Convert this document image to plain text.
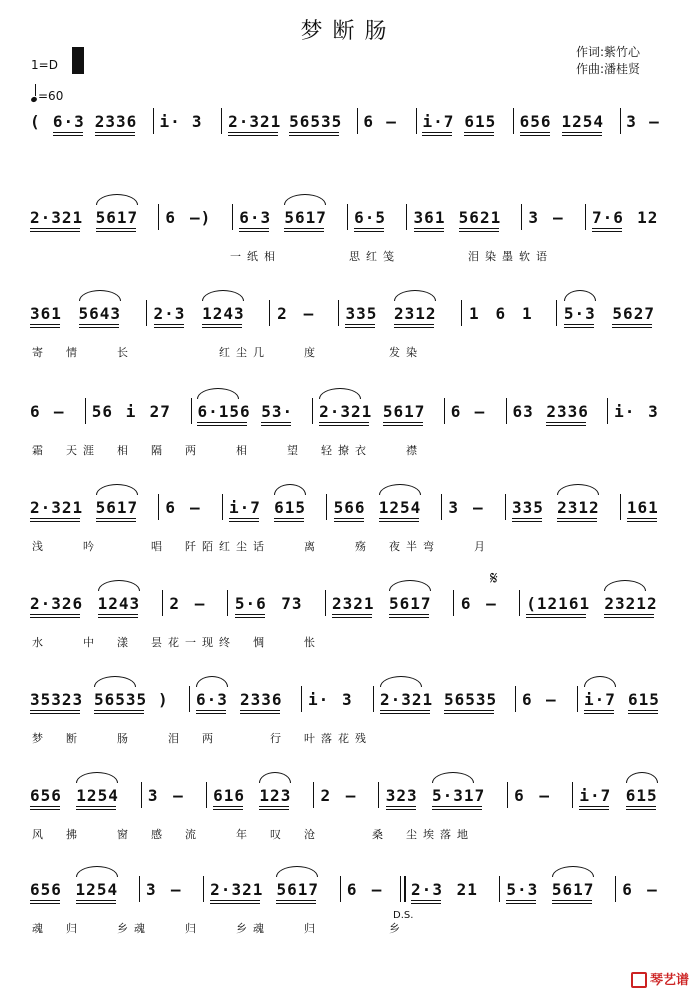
梦断肠
作词:紫竹心
作曲:潘桂贤
1=D
=60
( 6·3 2336 i· 3 2·321 56535 6 – i·7 615 656 1254 3 –
2·321 5617 6 –) 6·3 5617 6·5 361 5621 3 – 7·6 12
一纸相　　　　思红笺　　　　泪染墨软语
361 5643 2·3 1243 2 – 335 2312 1 6 1 5·3 5627
寄　情　　长　　　　　红尘几　　度　　　　发染
6 – 56 i 27 6·156 53· 2·321 5617 6 – 63 2336 i· 3
霜　天涯　相　隔　两　　相　　望　轻撩衣　　襟
2·321 5617 6 – i·7 615 566 1254 3 – 335 2312 161
浅　　吟　　　唱　阡陌红尘话　　离　　殇　夜半弯　　月
2·326 1243 2 – 5·6 73 2321 5617 6 – (12161 23212
水　　中　漾　昙花一现终　惆　　怅
35323 56535 ) 6·3 2336 i· 3 2·321 56535 6 – i·7 615
梦　断　　肠　　泪　两　　　行　叶落花残
656 1254 3 – 616 123 2 – 323 5·317 6 – i·7 615
风　拂　　窗　感　流　　年　叹　沧　　　桑　尘埃落地
656 1254 3 – 2·321 5617 6 – 2·3 21 5·3 5617 6 –
魂　归　　乡魂　　归　　乡魂　　归　　　　乡
琴艺谱
𝄋
D.S.
